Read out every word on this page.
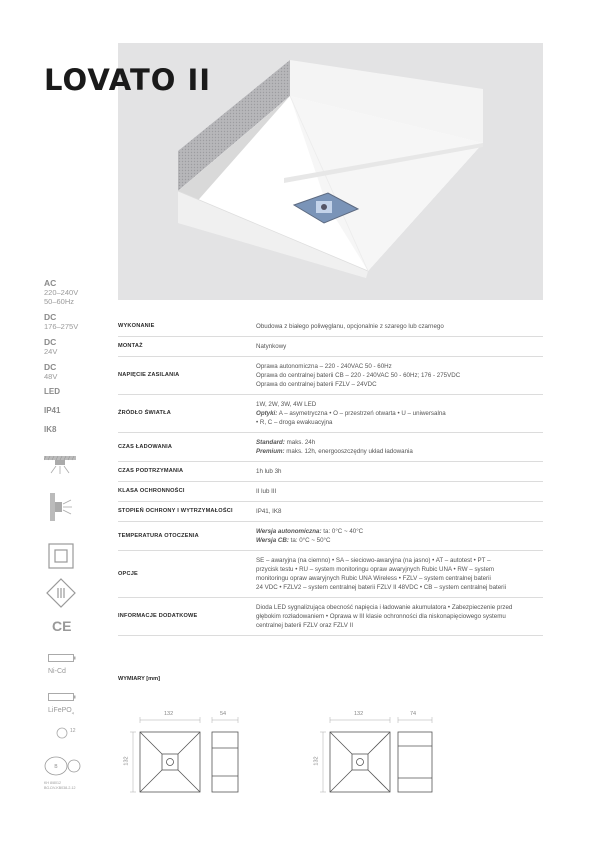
LOVATO II
AC
220–240V
50–60Hz
DC
176–275V
DC
24V
DC
48V
LED
IP41
IK8
CE
Ni-Cd
LiFePO$_4$
12
B
KH 8/8012
BG-DV-KB038-2-12
WYKONANIE	Obudowa z białego poliwęglanu, opcjonalnie z szarego lub czarnego

MONTAŻ	Natynkowy

NAPIĘCIE ZASILANIA	Oprawa autonomiczna – 220 - 240VAC 50 - 60Hz
Oprawa do centralnej baterii CB – 220 - 240VAC 50 - 60Hz; 176 - 275VDC
Oprawa do centralnej baterii FZLV – 24VDC

ŹRÓDŁO ŚWIATŁA	1W, 2W, 3W, 4W LED
Optyki: A – asymetryczna • O – przestrzeń otwarta • U – uniwersalna
• R, C – droga ewakuacyjna

CZAS ŁADOWANIA	Standard: maks. 24h
Premium: maks. 12h, energooszczędny układ ładowania

CZAS PODTRZYMANIA	1h lub 3h

KLASA OCHRONNOŚCI	II lub III

STOPIEŃ OCHRONY I WYTRZYMAŁOŚCI	IP41, IK8

TEMPERATURA OTOCZENIA	Wersja autonomiczna: ta: 0°C ~ 40°C
Wersja CB: ta: 0°C ~ 50°C

OPCJE	SE – awaryjna (na ciemno) • SA – sieciowo-awaryjna (na jasno) • AT – autotest • PT –
przycisk testu • RU – system monitoringu opraw awaryjnych Rubic UNA • RW – system
monitoringu opraw awaryjnych Rubic UNA Wireless • FZLV – system centralnej baterii
24 VDC • FZLV2 – system centralnej baterii FZLV II 48VDC • CB – system centralnej baterii

INFORMACJE DODATKOWE	Dioda LED sygnalizująca obecność napięcia i ładowanie akumulatora • Zabezpieczenie przed
głębokim rozładowaniem • Oprawa w III klasie ochronności dla niskonapięciowego systemu
centralnej baterii FZLV oraz FZLV II
WYMIARY [mm]
132	54
132
132	74
132
